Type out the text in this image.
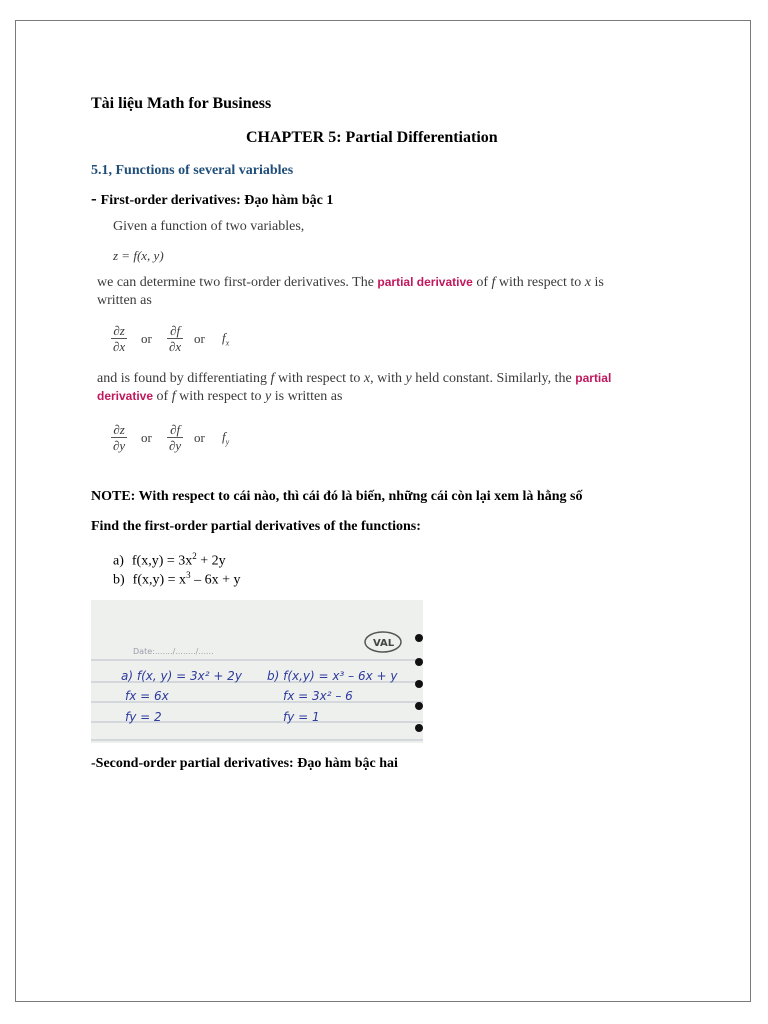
Tài liệu Math for Business
CHAPTER 5: Partial Differentiation
5.1, Functions of several variables
- First-order derivatives: Đạo hàm bậc 1
Given a function of two variables,
z = f(x, y)
we can determine two first-order derivatives. The partial derivative of f with respect to x is
written as
$\frac{\partial z}{\partial x}$ or $\frac{\partial f}{\partial x}$ or $f_x$
and is found by differentiating f with respect to x, with y held constant. Similarly, the partial
derivative of f with respect to y is written as
$\frac{\partial z}{\partial y}$ or $\frac{\partial f}{\partial y}$ or $f_y$
NOTE: With respect to cái nào, thì cái đó là biến, những cái còn lại xem là hằng số
Find the first-order partial derivatives of the functions:
a) $f(x,y) = 3x^2 + 2y$
b) $f(x,y) = x^3 - 6x + y$
Date:......./......../......
VAL
a) f(x, y) = 3x² + 2y b) f(x,y) = x³ – 6x + y
fx = 6x	fx = 3x² – 6
fy = 2	fy = 1
-Second-order partial derivatives: Đạo hàm bậc hai
